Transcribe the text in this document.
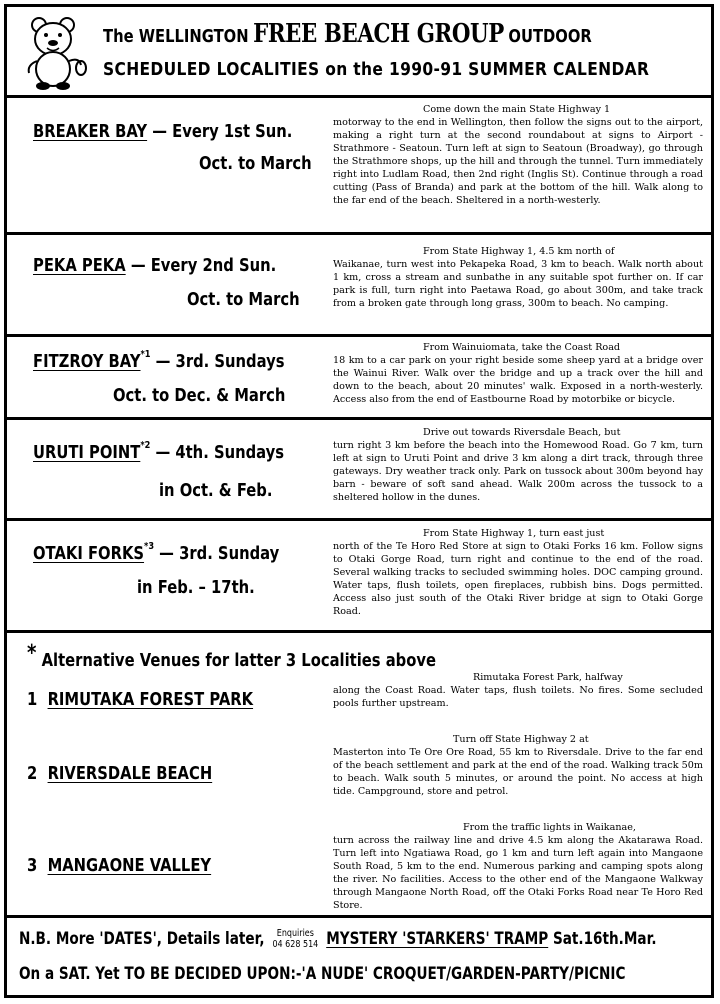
The WELLINGTON FREE BEACH GROUP OUTDOOR
SCHEDULED LOCALITIES on the 1990-91 SUMMER CALENDAR
BREAKER BAY — Every 1st Sun.
Oct. to March
Come down the main State Highway 1
motorway to the end in Wellington, then follow the signs out to the airport, making a right turn at the second roundabout at signs to Airport - Strathmore - Seatoun. Turn left at sign to Seatoun (Broadway), go through the Strathmore shops, up the hill and through the tunnel. Turn immediately right into Ludlam Road, then 2nd right (Inglis St). Continue through a road cutting (Pass of Branda) and park at the bottom of the hill. Walk along to the far end of the beach. Sheltered in a north-westerly.
PEKA PEKA — Every 2nd Sun.
Oct. to March
From State Highway 1, 4.5 km north of
Waikanae, turn west into Pekapeka Road, 3 km to beach. Walk north about 1 km, cross a stream and sunbathe in any suitable spot further on. If car park is full, turn right into Paetawa Road, go about 300m, and take track from a broken gate through long grass, 300m to beach. No camping.
FITZROY BAY$^{*1}$ — 3rd. Sundays
Oct. to Dec. & March
From Wainuiomata, take the Coast Road
18 km to a car park on your right beside some sheep yard at a bridge over the Wainui River. Walk over the bridge and up a track over the hill and down to the beach, about 20 minutes' walk. Exposed in a north-westerly. Access also from the end of Eastbourne Road by motorbike or bicycle.
URUTI POINT$^{*2}$ — 4th. Sundays
in Oct. & Feb.
Drive out towards Riversdale Beach, but
turn right 3 km before the beach into the Homewood Road. Go 7 km, turn left at sign to Uruti Point and drive 3 km along a dirt track, through three gateways. Dry weather track only. Park on tussock about 300m beyond hay barn - beware of soft sand ahead. Walk 200m across the tussock to a sheltered hollow in the dunes.
OTAKI FORKS$^{*3}$ — 3rd. Sunday
in Feb. – 17th.
From State Highway 1, turn east just
north of the Te Horo Red Store at sign to Otaki Forks 16 km. Follow signs to Otaki Gorge Road, turn right and continue to the end of the road. Several walking tracks to secluded swimming holes. DOC camping ground. Water taps, flush toilets, open fireplaces, rubbish bins. Dogs permitted. Access also just south of the Otaki River bridge at sign to Otaki Gorge Road.
* Alternative Venues for latter 3 Localities above
1 RIMUTAKA FOREST PARK
Rimutaka Forest Park, halfway
along the Coast Road. Water taps, flush toilets. No fires. Some secluded pools further upstream.
2 RIVERSDALE BEACH
Turn off State Highway 2 at
Masterton into Te Ore Ore Road, 55 km to Riversdale. Drive to the far end of the beach settlement and park at the end of the road. Walking track 50m to beach. Walk south 5 minutes, or around the point. No access at high tide. Campground, store and petrol.
3 MANGAONE VALLEY
From the traffic lights in Waikanae,
turn across the railway line and drive 4.5 km along the Akatarawa Road. Turn left into Ngatiawa Road, go 1 km and turn left again into Mangaone South Road, 5 km to the end. Numerous parking and camping spots along the river. No facilities. Access to the other end of the Mangaone Walkway through Mangaone North Road, off the Otaki Forks Road near Te Horo Red Store.
N.B. More 'DATES', Details later, Enquiries
04 628 514 MYSTERY 'STARKERS' TRAMP Sat.16th.Mar.
On a SAT. Yet TO BE DECIDED UPON:-'A NUDE' CROQUET/GARDEN-PARTY/PICNIC
